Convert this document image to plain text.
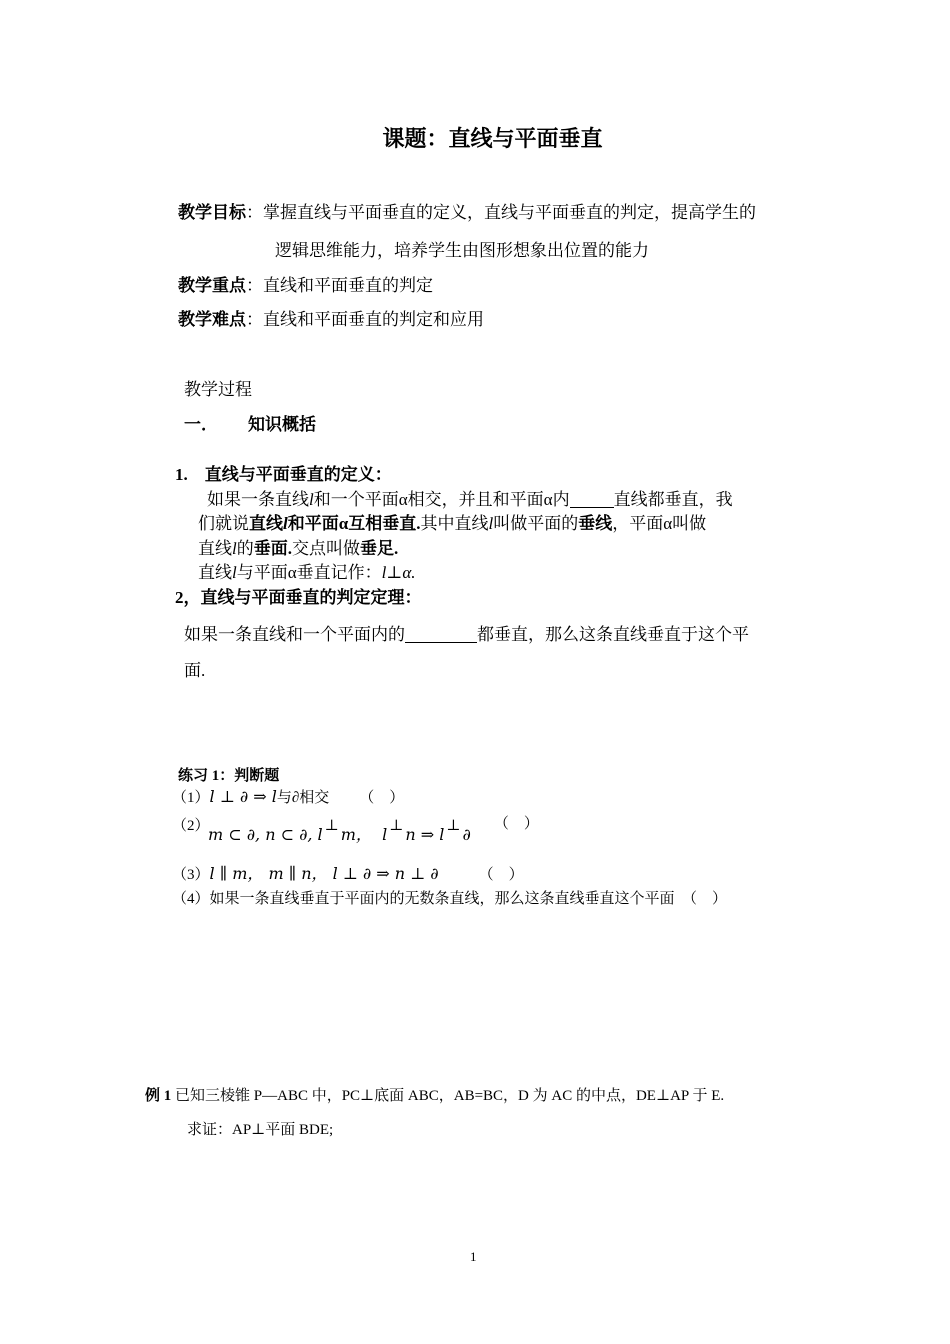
课题：直线与平面垂直
教学目标：掌握直线与平面垂直的定义，直线与平面垂直的判定，提高学生的
逻辑思维能力，培养学生由图形想象出位置的能力
教学重点：直线和平面垂直的判定
教学难点：直线和平面垂直的判定和应用
教学过程
一． 知识概括
1.　直线与平面垂直的定义：
如果一条直线l和一个平面α相交，并且和平面α内	直线都垂直，我
们就说直线l和平面α互相垂直.其中直线l叫做平面的垂线，平面α叫做
直线l的垂面.交点叫做垂足.
直线l与平面α垂直记作：l⊥α.
2，直线与平面垂直的判定定理：
如果一条直线和一个平面内的	都垂直，那么这条直线垂直于这个平
面.
练习 1：判断题
（1）l ⊥ ∂ ⇒ l与∂相交 （　）
（2）
m ⊂ ∂, n ⊂ ∂, l ⊥ m， l ⊥ n ⇒ l ⊥ ∂ （　）
（3）l ∥ m， m ∥ n， l ⊥ ∂ ⇒ n ⊥ ∂	（　）
（4）如果一条直线垂直于平面内的无数条直线，那么这条直线垂直这个平面　（　）
例 1 已知三棱锥 P—ABC 中，PC⊥底面 ABC，AB=BC，D 为 AC 的中点，DE⊥AP 于 E.
求证：AP⊥平面 BDE;
1
